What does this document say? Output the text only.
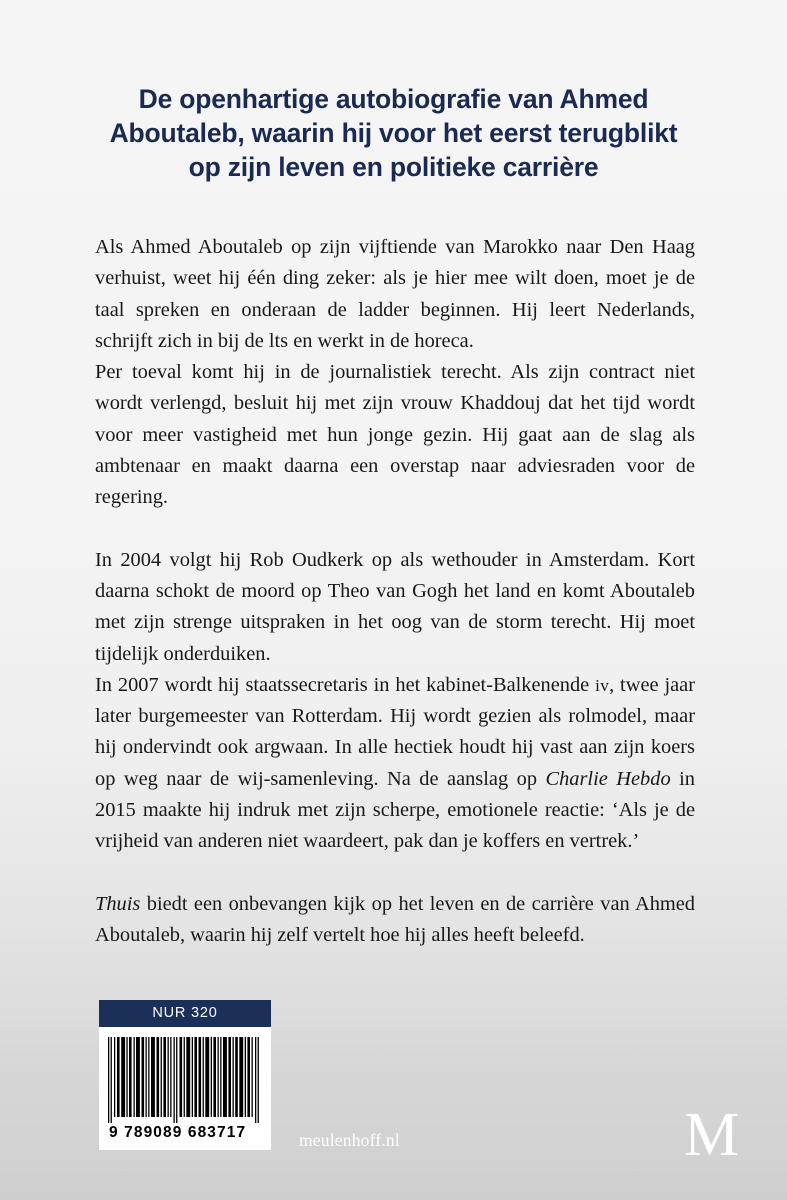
De openhartige autobiografie van Ahmed
Aboutaleb, waarin hij voor het eerst terugblikt
op zijn leven en politieke carrière

Als Ahmed Aboutaleb op zijn vijftiende van Marokko naar Den Haag verhuist, weet hij één ding zeker: als je hier mee wilt doen, moet je de taal spreken en onderaan de ladder beginnen. Hij leert Nederlands, schrijft zich in bij de lts en werkt in de horeca.

Per toeval komt hij in de journalistiek terecht. Als zijn contract niet wordt verlengd, besluit hij met zijn vrouw Khaddouj dat het tijd wordt voor meer vastigheid met hun jonge gezin. Hij gaat aan de slag als ambtenaar en maakt daarna een overstap naar adviesraden voor de regering.

In 2004 volgt hij Rob Oudkerk op als wethouder in Amsterdam. Kort daarna schokt de moord op Theo van Gogh het land en komt Aboutaleb met zijn strenge uitspraken in het oog van de storm terecht. Hij moet tijdelijk onderduiken.

In 2007 wordt hij staatssecretaris in het kabinet-Balkenende iv, twee jaar later burgemeester van Rotterdam. Hij wordt gezien als rolmodel, maar hij ondervindt ook argwaan. In alle hectiek houdt hij vast aan zijn koers op weg naar de wij-samenleving. Na de aanslag op Charlie Hebdo in 2015 maakte hij indruk met zijn scherpe, emotionele reactie: ‘Als je de vrijheid van anderen niet waardeert, pak dan je koffers en vertrek.’

Thuis biedt een onbevangen kijk op het leven en de carrière van Ahmed Aboutaleb, waarin hij zelf vertelt hoe hij alles heeft beleefd.

NUR 320
9 789089 683717	meulenhoff.nl	M
